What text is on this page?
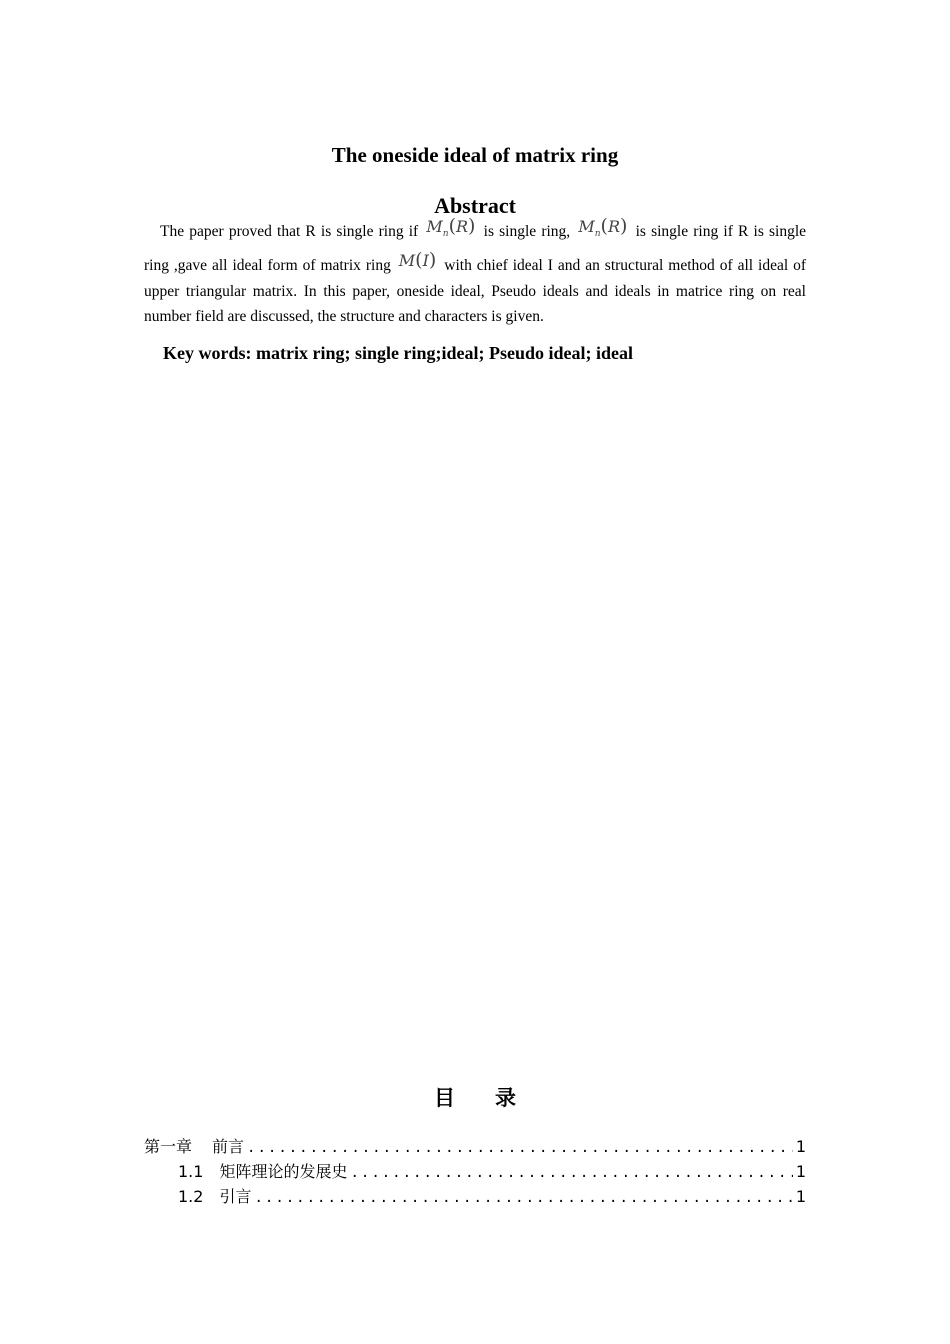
The oneside ideal of matrix ring
Abstract
The paper proved that R is single ring if $M_n(R)$ is single ring, $M_n(R)$ is single ring if R is single ring ,gave all ideal form of matrix ring M(I) with chief ideal I and an structural method of all ideal of upper triangular matrix. In this paper, oneside ideal, Pseudo ideals and ideals in matrice ring on real number field are discussed, the structure and characters is given.
Key words: matrix ring; single ring;ideal; Pseudo ideal; ideal
目录
第一章 前言 .....	1
1.1 矩阵理论的发展史 .....	1
1.2 引言 .....	1
